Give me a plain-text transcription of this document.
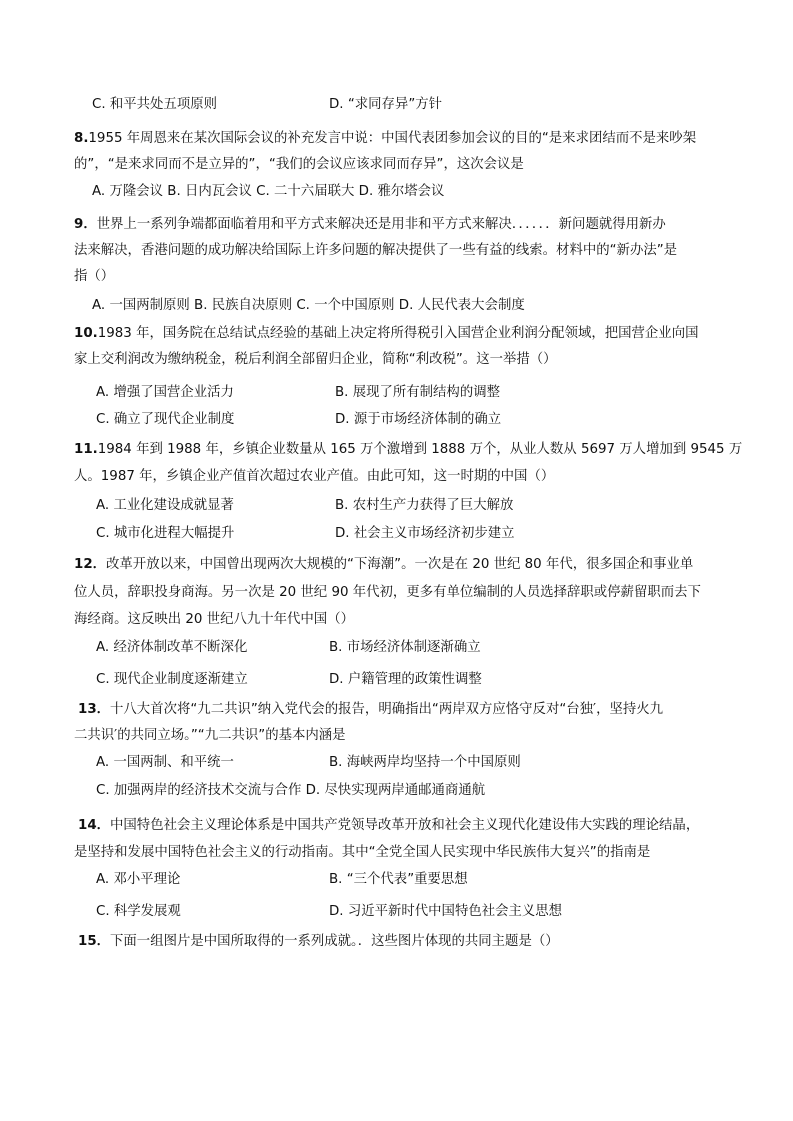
C. 和平共处五项原则	D. “求同存异”方针
8.1955 年周恩来在某次国际会议的补充发言中说：中国代表团参加会议的目的“是来求团结而不是来吵架
的”，“是来求同而不是立异的”，“我们的会议应该求同而存异”，这次会议是
A. 万隆会议 B. 日内瓦会议 C. 二十六届联大 D. 雅尔塔会议
9．世界上一系列争端都面临着用和平方式来解决还是用非和平方式来解决．．．．．．新问题就得用新办
法来解决，香港问题的成功解决给国际上许多问题的解决提供了一些有益的线索。材料中的“新办法”是
指（）
A. 一国两制原则 B. 民族自决原则 C. 一个中国原则 D. 人民代表大会制度
10.1983 年，国务院在总结试点经验的基础上决定将所得税引入国营企业利润分配领域，把国营企业向国
家上交利润改为缴纳税金，税后利润全部留归企业，简称“利改税”。这一举措（）
A. 增强了国营企业活力	B. 展现了所有制结构的调整
C. 确立了现代企业制度	D. 源于市场经济体制的确立
11.1984 年到 1988 年，乡镇企业数量从 165 万个激增到 1888 万个，从业人数从 5697 万人增加到 9545 万
人。1987 年，乡镇企业产值首次超过农业产值。由此可知，这一时期的中国（）
A. 工业化建设成就显著	B. 农村生产力获得了巨大解放
C. 城市化进程大幅提升	D. 社会主义市场经济初步建立
12．改革开放以来，中国曾出现两次大规模的“下海潮”。一次是在 20 世纪 80 年代，很多国企和事业单
位人员，辞职投身商海。另一次是 20 世纪 90 年代初，更多有单位编制的人员选择辞职或停薪留职而去下
海经商。这反映出 20 世纪八九十年代中国（）
A. 经济体制改革不断深化	B. 市场经济体制逐渐确立
C. 现代企业制度逐渐建立	D. 户籍管理的政策性调整
13．十八大首次将“九二共识”纳入党代会的报告，明确指出“两岸双方应恪守反对“台独′，坚持火九
二共识′的共同立场。”“九二共识”的基本内涵是
A. 一国两制、和平统一	B. 海峡两岸均坚持一个中国原则
C. 加强两岸的经济技术交流与合作 D. 尽快实现两岸通邮通商通航
14．中国特色社会主义理论体系是中国共产党领导改革开放和社会主义现代化建设伟大实践的理论结晶，
是坚持和发展中国特色社会主义的行动指南。其中“全党全国人民实现中华民族伟大复兴”的指南是
A. 邓小平理论	B. “三个代表”重要思想
C. 科学发展观	D. 习近平新时代中国特色社会主义思想
15．下面一组图片是中国所取得的一系列成就。．这些图片体现的共同主题是（）
